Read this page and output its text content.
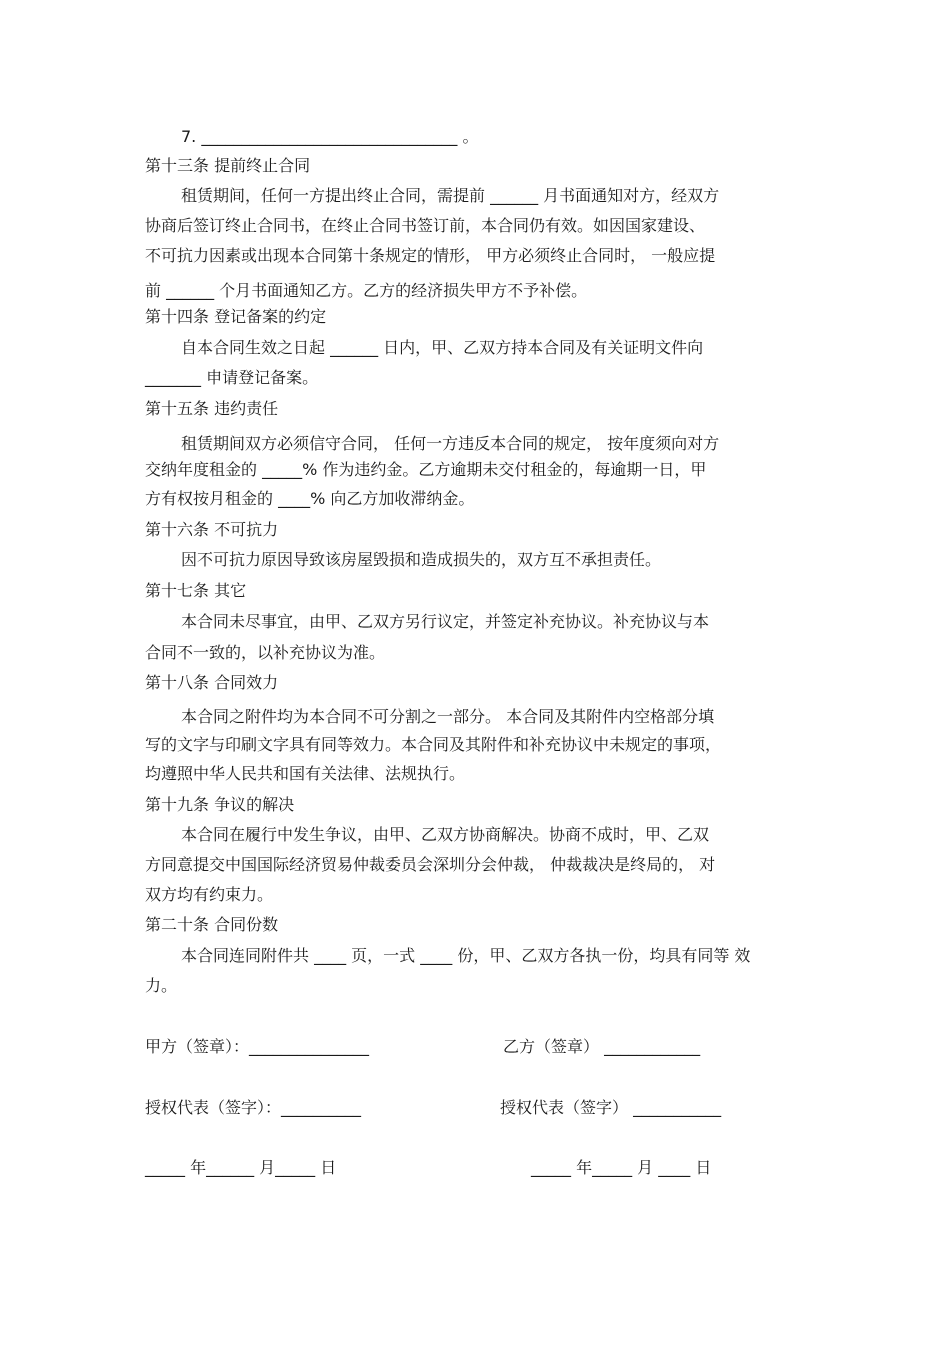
7. ________________________________ 。
第十三条 提前终止合同
租赁期间，任何一方提出终止合同，需提前 ______ 月书面通知对方，经双方
协商后签订终止合同书，在终止合同书签订前，本合同仍有效。如因国家建设、
不可抗力因素或出现本合同第十条规定的情形， 甲方必须终止合同时， 一般应提
前 ______ 个月书面通知乙方。乙方的经济损失甲方不予补偿。
第十四条 登记备案的约定
自本合同生效之日起 ______ 日内，甲、乙双方持本合同及有关证明文件向
_______ 申请登记备案。
第十五条 违约责任
租赁期间双方必须信守合同， 任何一方违反本合同的规定， 按年度须向对方
交纳年度租金的 _____% 作为违约金。乙方逾期未交付租金的，每逾期一日，甲
方有权按月租金的 ____% 向乙方加收滞纳金。
第十六条 不可抗力
因不可抗力原因导致该房屋毁损和造成损失的，双方互不承担责任。
第十七条 其它
本合同未尽事宜，由甲、乙双方另行议定，并签定补充协议。补充协议与本
合同不一致的，以补充协议为准。
第十八条 合同效力
本合同之附件均为本合同不可分割之一部分。 本合同及其附件内空格部分填
写的文字与印刷文字具有同等效力。本合同及其附件和补充协议中未规定的事项，
均遵照中华人民共和国有关法律、法规执行。
第十九条 争议的解决
本合同在履行中发生争议，由甲、乙双方协商解决。协商不成时，甲、乙双
方同意提交中国国际经济贸易仲裁委员会深圳分会仲裁， 仲裁裁决是终局的， 对
双方均有约束力。
第二十条 合同份数
本合同连同附件共 ____ 页，一式 ____ 份，甲、乙双方各执一份，均具有同等 效
力。
甲方（签章）：_______________	乙方（签章） ____________
授权代表（签字）：__________	授权代表（签字） ___________
_____ 年______ 月_____ 日	_____ 年_____ 月 ____ 日
